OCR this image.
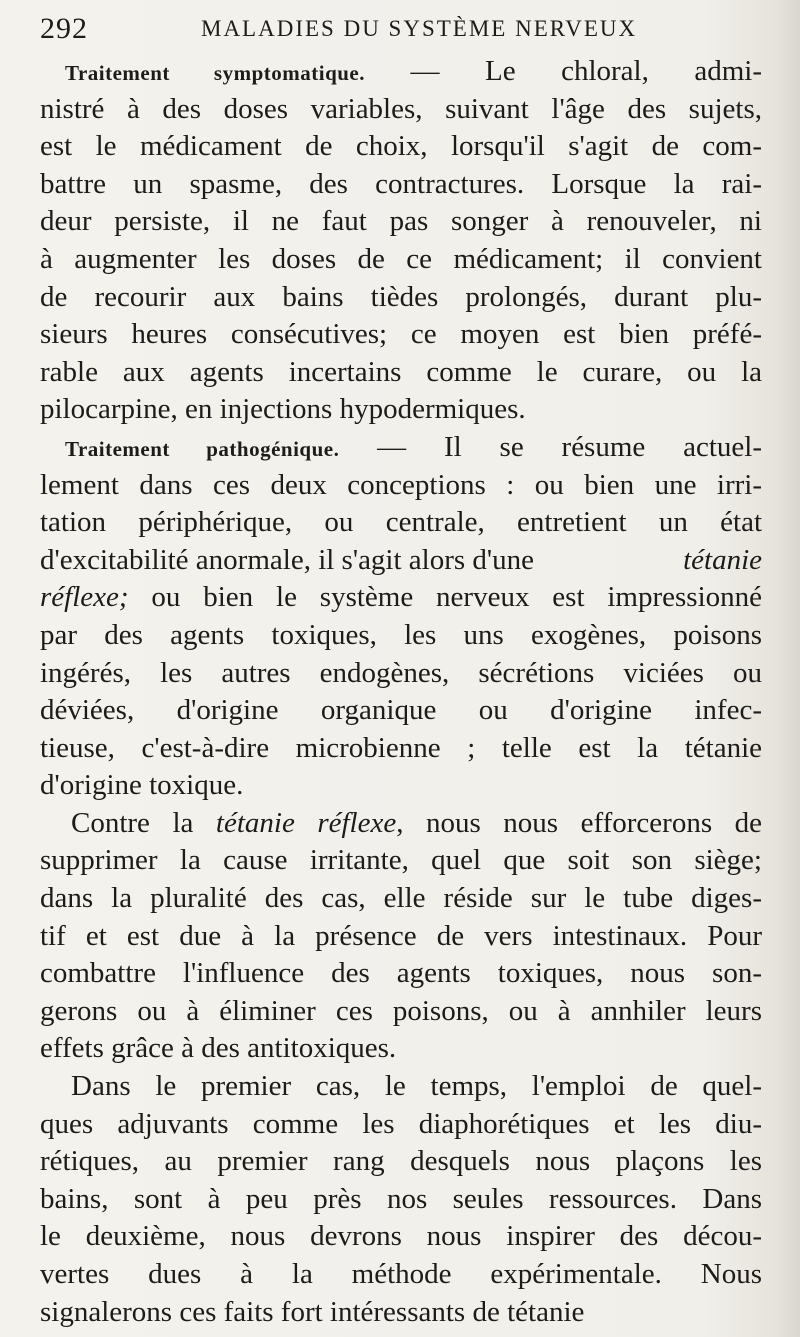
292	MALADIES DU SYSTÈME NERVEUX
Traitement symptomatique. — Le chloral, admi-
nistré à des doses variables, suivant l'âge des sujets,
est le médicament de choix, lorsqu'il s'agit de com-
battre un spasme, des contractures. Lorsque la rai-
deur persiste, il ne faut pas songer à renouveler, ni
à augmenter les doses de ce médicament; il convient
de recourir aux bains tièdes prolongés, durant plu-
sieurs heures consécutives; ce moyen est bien préfé-
rable aux agents incertains comme le curare, ou la
pilocarpine, en injections hypodermiques.
Traitement pathogénique. — Il se résume actuel-
lement dans ces deux conceptions : ou bien une irri-
tation périphérique, ou centrale, entretient un état
d'excitabilité anormale, il s'agit alors d'une	tétanie
réflexe; ou bien le système nerveux est impressionné
par des agents toxiques, les uns exogènes, poisons
ingérés, les autres endogènes, sécrétions viciées ou
déviées, d'origine organique ou d'origine infec-
tieuse, c'est-à-dire microbienne ; telle est la tétanie
d'origine toxique.
Contre la tétanie réflexe, nous nous efforcerons de
supprimer la cause irritante, quel que soit son siège;
dans la pluralité des cas, elle réside sur le tube diges-
tif et est due à la présence de vers intestinaux. Pour
combattre l'influence des agents toxiques, nous son-
gerons ou à éliminer ces poisons, ou à annhiler leurs
effets grâce à des antitoxiques.
Dans le premier cas, le temps, l'emploi de quel-
ques adjuvants comme les diaphorétiques et les diu-
rétiques, au premier rang desquels nous plaçons les
bains, sont à peu près nos seules ressources. Dans
le deuxième, nous devrons nous inspirer des décou-
vertes dues à la méthode expérimentale. Nous
signalerons ces faits fort intéressants de tétanie
